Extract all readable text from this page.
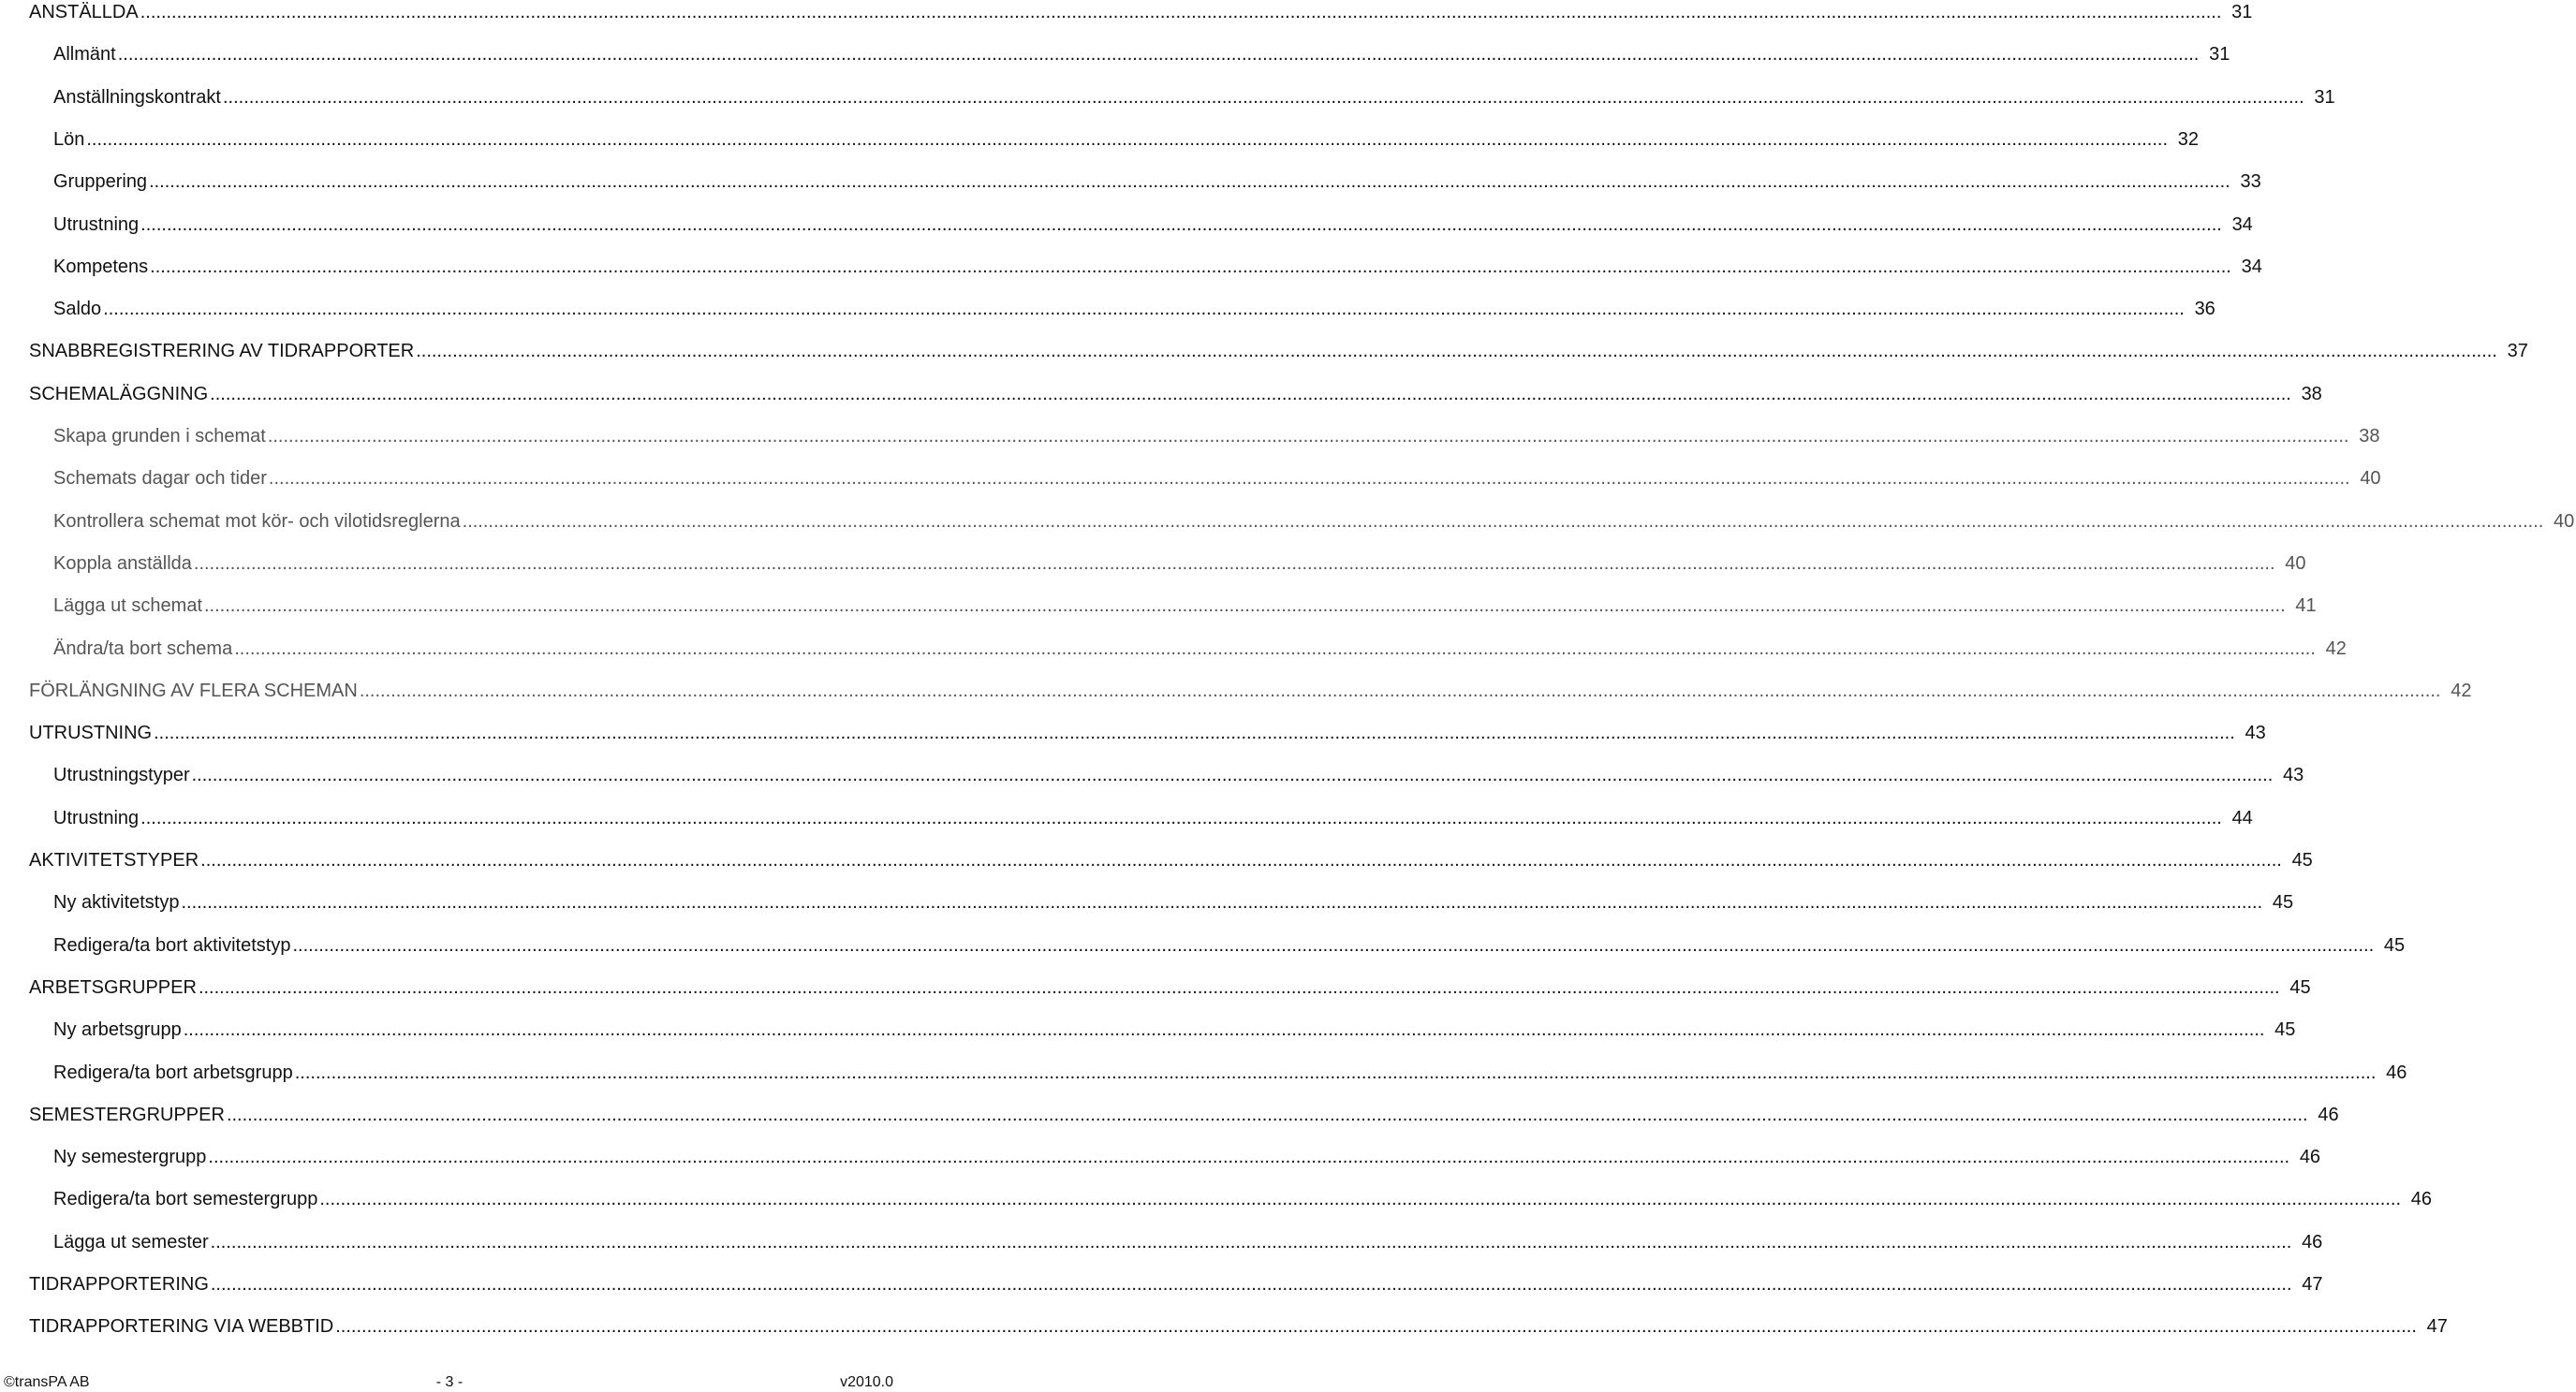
ANSTÄLLDA ................................................................................................................................................................................................................................................................................................................................................................................................................ 31
Allmänt ................................................................................................................................................................................................................................................................................................................................................................................................................ 31
Anställningskontrakt ................................................................................................................................................................................................................................................................................................................................................................................................................ 31
Lön ................................................................................................................................................................................................................................................................................................................................................................................................................ 32
Gruppering ................................................................................................................................................................................................................................................................................................................................................................................................................ 33
Utrustning ................................................................................................................................................................................................................................................................................................................................................................................................................ 34
Kompetens ................................................................................................................................................................................................................................................................................................................................................................................................................ 34
Saldo ................................................................................................................................................................................................................................................................................................................................................................................................................ 36
SNABBREGISTRERING AV TIDRAPPORTER ................................................................................................................................................................................................................................................................................................................................................................................................................ 37
SCHEMALÄGGNING ................................................................................................................................................................................................................................................................................................................................................................................................................ 38
Skapa grunden i schemat ................................................................................................................................................................................................................................................................................................................................................................................................................ 38
Schemats dagar och tider ................................................................................................................................................................................................................................................................................................................................................................................................................ 40
Kontrollera schemat mot kör- och vilotidsreglerna ................................................................................................................................................................................................................................................................................................................................................................................................................ 40
Koppla anställda ................................................................................................................................................................................................................................................................................................................................................................................................................ 40
Lägga ut schemat ................................................................................................................................................................................................................................................................................................................................................................................................................ 41
Ändra/ta bort schema ................................................................................................................................................................................................................................................................................................................................................................................................................ 42
FÖRLÄNGNING AV FLERA SCHEMAN ................................................................................................................................................................................................................................................................................................................................................................................................................ 42
UTRUSTNING ................................................................................................................................................................................................................................................................................................................................................................................................................ 43
Utrustningstyper ................................................................................................................................................................................................................................................................................................................................................................................................................ 43
Utrustning ................................................................................................................................................................................................................................................................................................................................................................................................................ 44
AKTIVITETSTYPER ................................................................................................................................................................................................................................................................................................................................................................................................................ 45
Ny aktivitetstyp ................................................................................................................................................................................................................................................................................................................................................................................................................ 45
Redigera/ta bort aktivitetstyp ................................................................................................................................................................................................................................................................................................................................................................................................................ 45
ARBETSGRUPPER ................................................................................................................................................................................................................................................................................................................................................................................................................ 45
Ny arbetsgrupp ................................................................................................................................................................................................................................................................................................................................................................................................................ 45
Redigera/ta bort arbetsgrupp ................................................................................................................................................................................................................................................................................................................................................................................................................ 46
SEMESTERGRUPPER ................................................................................................................................................................................................................................................................................................................................................................................................................ 46
Ny semestergrupp ................................................................................................................................................................................................................................................................................................................................................................................................................ 46
Redigera/ta bort semestergrupp ................................................................................................................................................................................................................................................................................................................................................................................................................ 46
Lägga ut semester ................................................................................................................................................................................................................................................................................................................................................................................................................ 46
TIDRAPPORTERING ................................................................................................................................................................................................................................................................................................................................................................................................................ 47
TIDRAPPORTERING VIA WEBBTID ................................................................................................................................................................................................................................................................................................................................................................................................................ 47
©transPA AB	- 3 -	v2010.0
